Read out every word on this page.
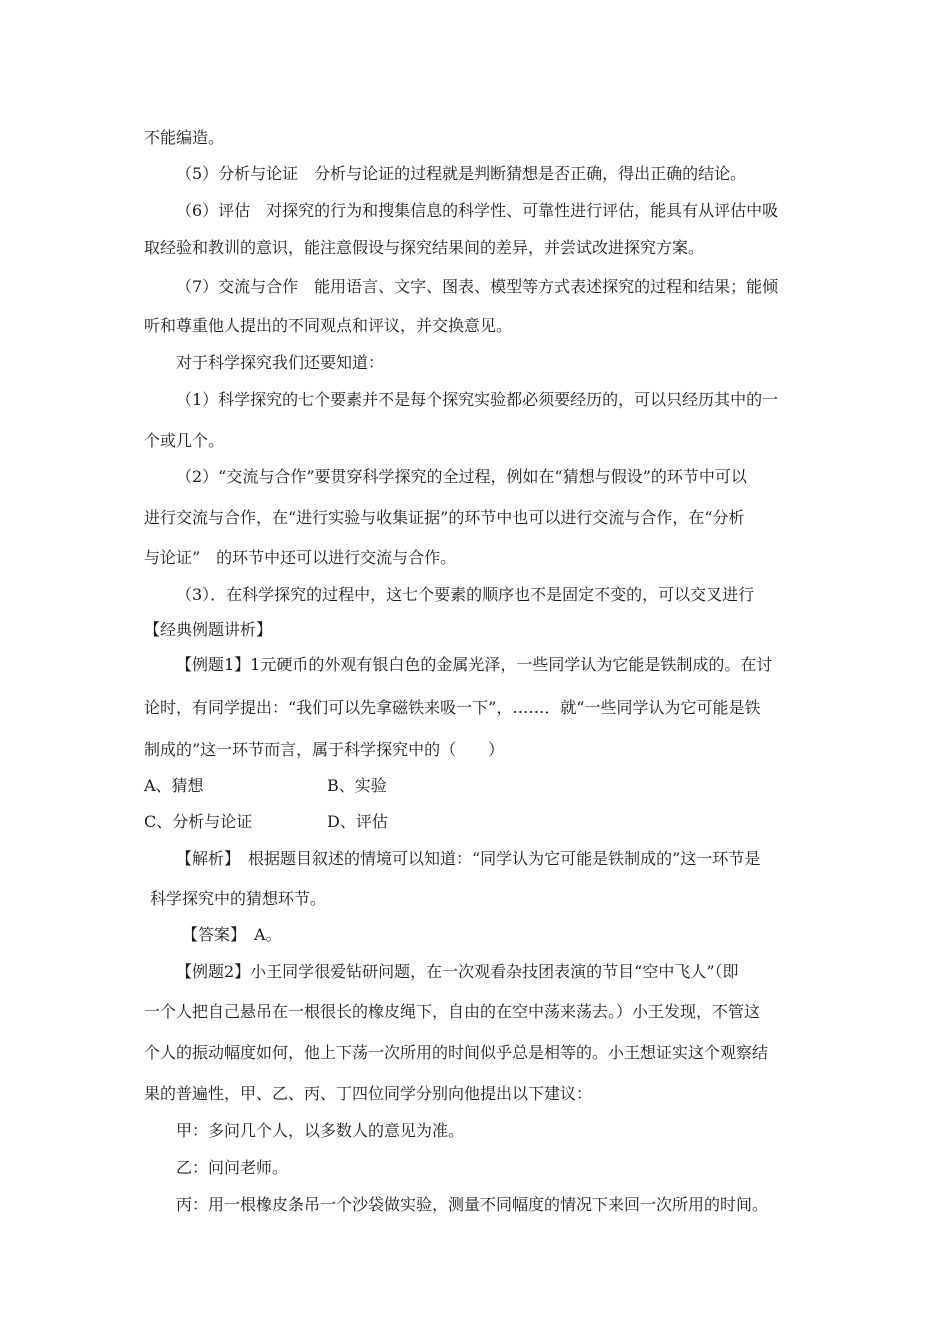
不能编造。
（5）分析与论证　分析与论证的过程就是判断猜想是否正确，得出正确的结论。
（6）评估　对探究的行为和搜集信息的科学性、可靠性进行评估，能具有从评估中吸
取经验和教训的意识，能注意假设与探究结果间的差异，并尝试改进探究方案。
（7）交流与合作　能用语言、文字、图表、模型等方式表述探究的过程和结果；能倾
听和尊重他人提出的不同观点和评议，并交换意见。
对于科学探究我们还要知道：
（1）科学探究的七个要素并不是每个探究实验都必须要经历的，可以只经历其中的一
个或几个。
（2）“交流与合作”要贯穿科学探究的全过程，例如在“猜想与假设”的环节中可以
进行交流与合作，在“进行实验与收集证据”的环节中也可以进行交流与合作，在“分析
与论证”　的环节中还可以进行交流与合作。
（3）．在科学探究的过程中，这七个要素的顺序也不是固定不变的，可以交叉进行
【经典例题讲析】
【例题1】1元硬币的外观有银白色的金属光泽，一些同学认为它能是铁制成的。在讨
论时，有同学提出：“我们可以先拿磁铁来吸一下”，……．就“一些同学认为它可能是铁
制成的”这一环节而言，属于科学探究中的（　　）
A、猜想	B、实验
C、分析与论证	D、评估
【解析】　根据题目叙述的情境可以知道：“同学认为它可能是铁制成的”这一环节是
科学探究中的猜想环节。
【答案】　A。
【例题2】小王同学很爱钻研问题，在一次观看杂技团表演的节目“空中飞人”（即
一个人把自己悬吊在一根很长的橡皮绳下，自由的在空中荡来荡去。）小王发现，不管这
个人的振动幅度如何，他上下荡一次所用的时间似乎总是相等的。小王想证实这个观察结
果的普遍性，甲、乙、丙、丁四位同学分别向他提出以下建议：
甲：多问几个人，以多数人的意见为准。
乙：问问老师。
丙：用一根橡皮条吊一个沙袋做实验，测量不同幅度的情况下来回一次所用的时间。
